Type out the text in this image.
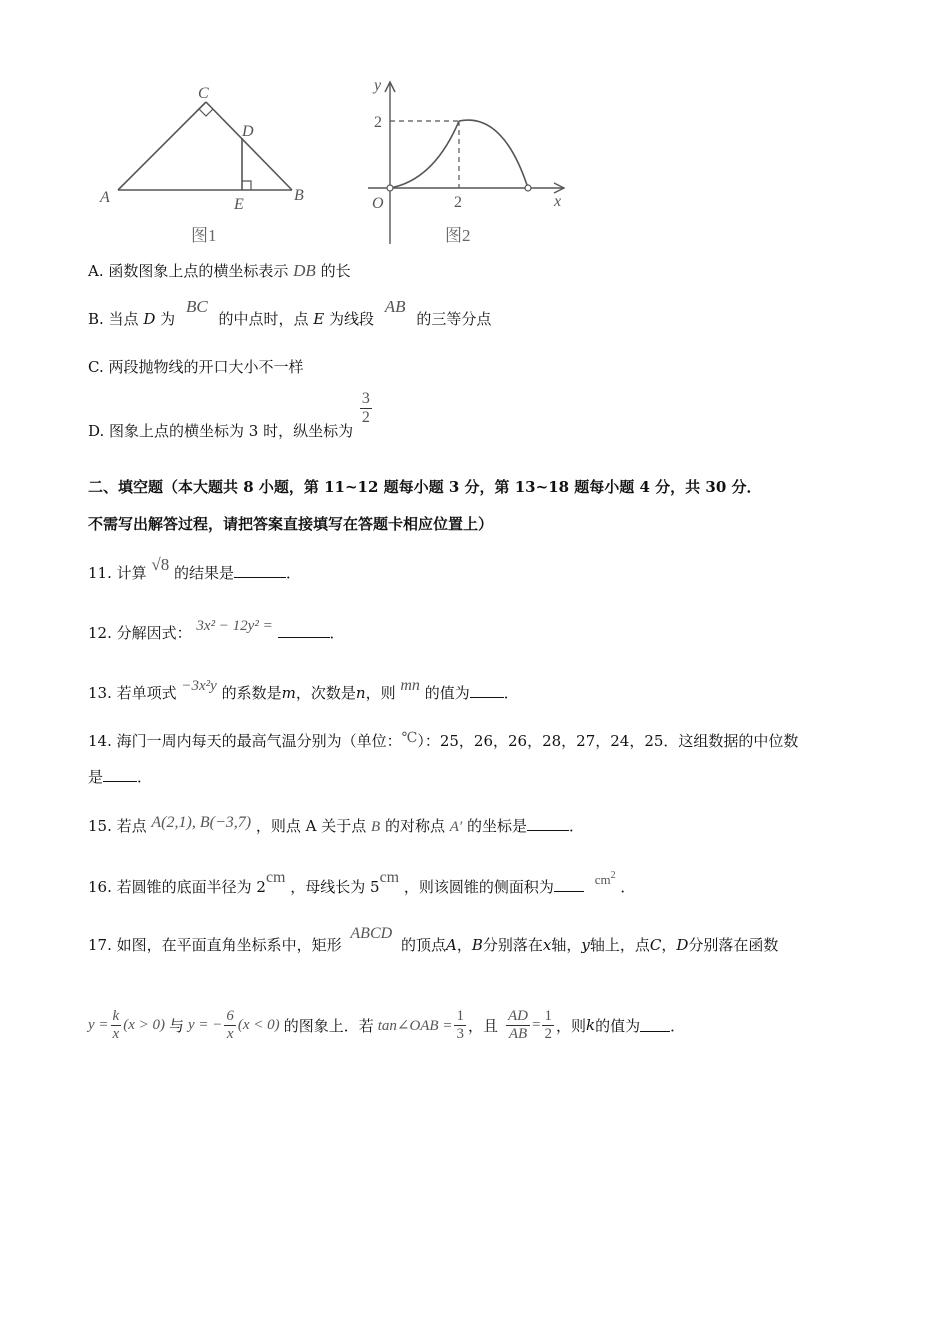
A	B
C
D
E
图1
y
x
O
2
2
图2
A. 函数图象上点的横坐标表示 DB 的长
B. 当点 D 为 BC 的中点时，点 E 为线段 AB 的三等分点
C. 两段抛物线的开口大小不一样
D. 图象上点的横坐标为 3 时，纵坐标为
$\frac{3}{2}$
二、填空题（本大题共 8 小题，第 11~12 题每小题 3 分，第 13~18 题每小题 4 分，共 30 分．
不需写出解答过程，请把答案直接填写在答题卡相应位置上）
11. 计算 √8 的结果是	．
12. 分解因式： 3x² − 12y² =	．
13. 若单项式 −3x²y 的系数是m，次数是n，则 mn 的值为 ．
14. 海门一周内每天的最高气温分别为（单位：℃）：25，26，26，28，27，24，25．这组数据的中位数
是 ．
15. 若点 A(2,1), B(−3,7) ，则点 A 关于点 B 的对称点 A′ 的坐标是	．
16. 若圆锥的底面半径为 2cm ，母线长为 5cm ，则该圆锥的侧面积为	$cm^2$ ．
17. 如图，在平面直角坐标系中，矩形 ABCD 的顶点A，B分别落在x轴，y轴上，点C，D分别落在函数
$y = \frac{k}{x} (x > 0)$ 与 y = − $\frac{6}{x} (x < 0)$ 的图象上．若 tan∠OAB = $\frac{1}{3}$ ，且 $\frac{AD}{AB} = \frac{1}{2}$ ，则 k 的值为 ．
